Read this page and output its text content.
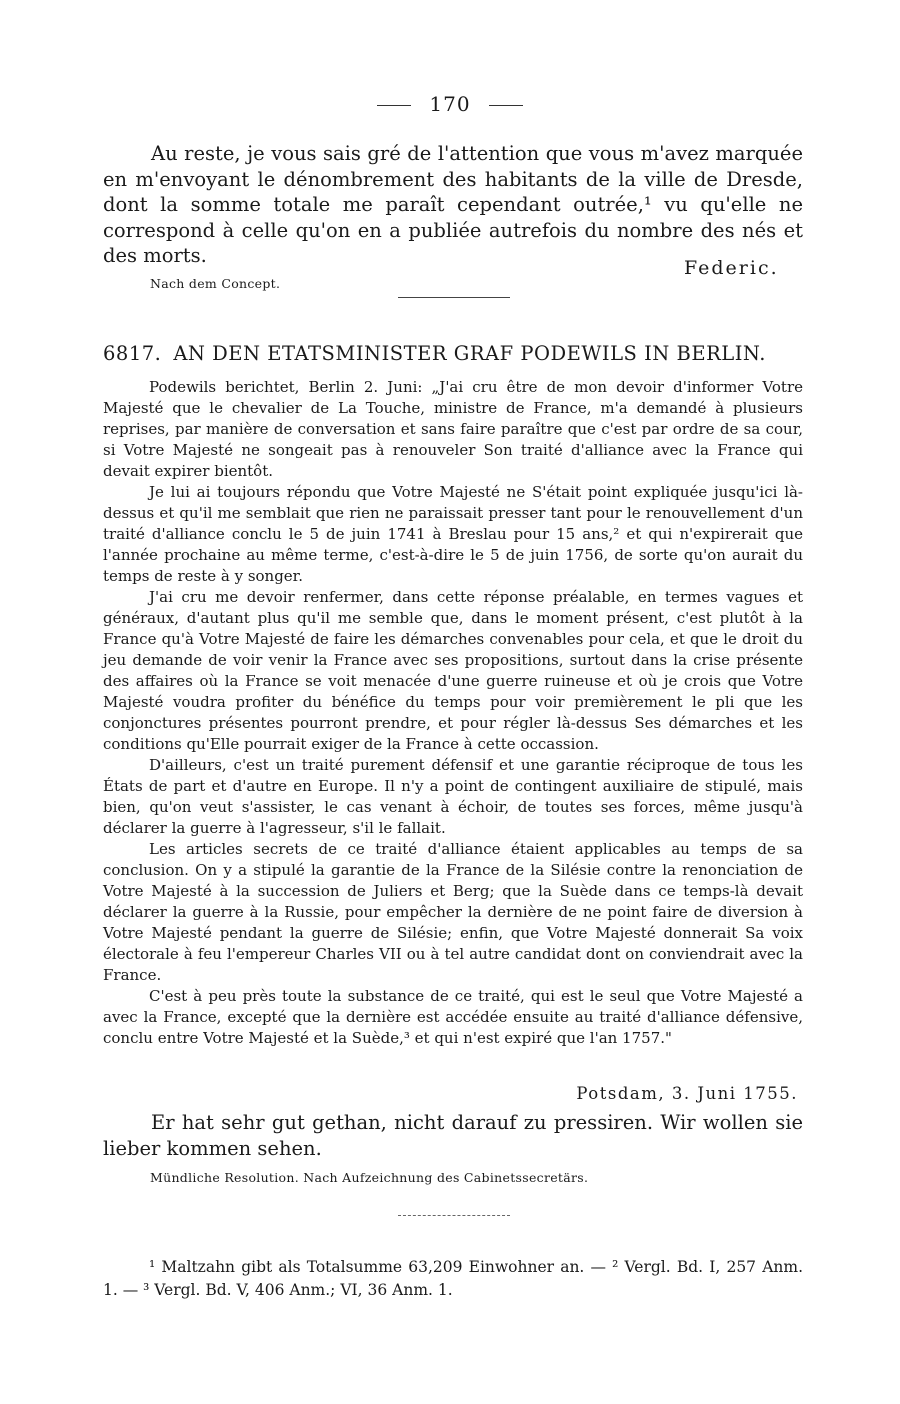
170

Au reste, je vous sais gré de l'attention que vous m'avez marquée en m'envoyant le dénombrement des habitants de la ville de Dresde, dont la somme totale me paraît cependant outrée,¹ vu qu'elle ne correspond à celle qu'on en a publiée autrefois du nombre des nés et des morts.

Federic.
Nach dem Concept.
6817. AN DEN ETATSMINISTER GRAF PODEWILS IN BERLIN.

Podewils berichtet, Berlin 2. Juni: „J'ai cru être de mon devoir d'informer Votre Majesté que le chevalier de La Touche, ministre de France, m'a demandé à plusieurs reprises, par manière de conversation et sans faire paraître que c'est par ordre de sa cour, si Votre Majesté ne songeait pas à renouveler Son traité d'alliance avec la France qui devait expirer bientôt.

Je lui ai toujours répondu que Votre Majesté ne S'était point expliquée jusqu'ici là-dessus et qu'il me semblait que rien ne paraissait presser tant pour le renouvellement d'un traité d'alliance conclu le 5 de juin 1741 à Breslau pour 15 ans,² et qui n'expirerait que l'année prochaine au même terme, c'est-à-dire le 5 de juin 1756, de sorte qu'on aurait du temps de reste à y songer.

J'ai cru me devoir renfermer, dans cette réponse préalable, en termes vagues et généraux, d'autant plus qu'il me semble que, dans le moment présent, c'est plutôt à la France qu'à Votre Majesté de faire les démarches convenables pour cela, et que le droit du jeu demande de voir venir la France avec ses propositions, surtout dans la crise présente des affaires où la France se voit menacée d'une guerre ruineuse et où je crois que Votre Majesté voudra profiter du bénéfice du temps pour voir premièrement le pli que les conjonctures présentes pourront prendre, et pour régler là-dessus Ses démarches et les conditions qu'Elle pourrait exiger de la France à cette occassion.

D'ailleurs, c'est un traité purement défensif et une garantie réciproque de tous les États de part et d'autre en Europe. Il n'y a point de contingent auxiliaire de stipulé, mais bien, qu'on veut s'assister, le cas venant à échoir, de toutes ses forces, même jusqu'à déclarer la guerre à l'agresseur, s'il le fallait.

Les articles secrets de ce traité d'alliance étaient applicables au temps de sa conclusion. On y a stipulé la garantie de la France de la Silésie contre la renonciation de Votre Majesté à la succession de Juliers et Berg; que la Suède dans ce temps-là devait déclarer la guerre à la Russie, pour empêcher la dernière de ne point faire de diversion à Votre Majesté pendant la guerre de Silésie; enfin, que Votre Majesté donnerait Sa voix électorale à feu l'empereur Charles VII ou à tel autre candidat dont on conviendrait avec la France.

C'est à peu près toute la substance de ce traité, qui est le seul que Votre Majesté a avec la France, excepté que la dernière est accédée ensuite au traité d'alliance défensive, conclu entre Votre Majesté et la Suède,³ et qui n'est expiré que l'an 1757."

Potsdam, 3. Juni 1755.

Er hat sehr gut gethan, nicht darauf zu pressiren. Wir wollen sie lieber kommen sehen.

Mündliche Resolution. Nach Aufzeichnung des Cabinetssecretärs.

¹ Maltzahn gibt als Totalsumme 63,209 Einwohner an. — ² Vergl. Bd. I, 257 Anm. 1. — ³ Vergl. Bd. V, 406 Anm.; VI, 36 Anm. 1.
